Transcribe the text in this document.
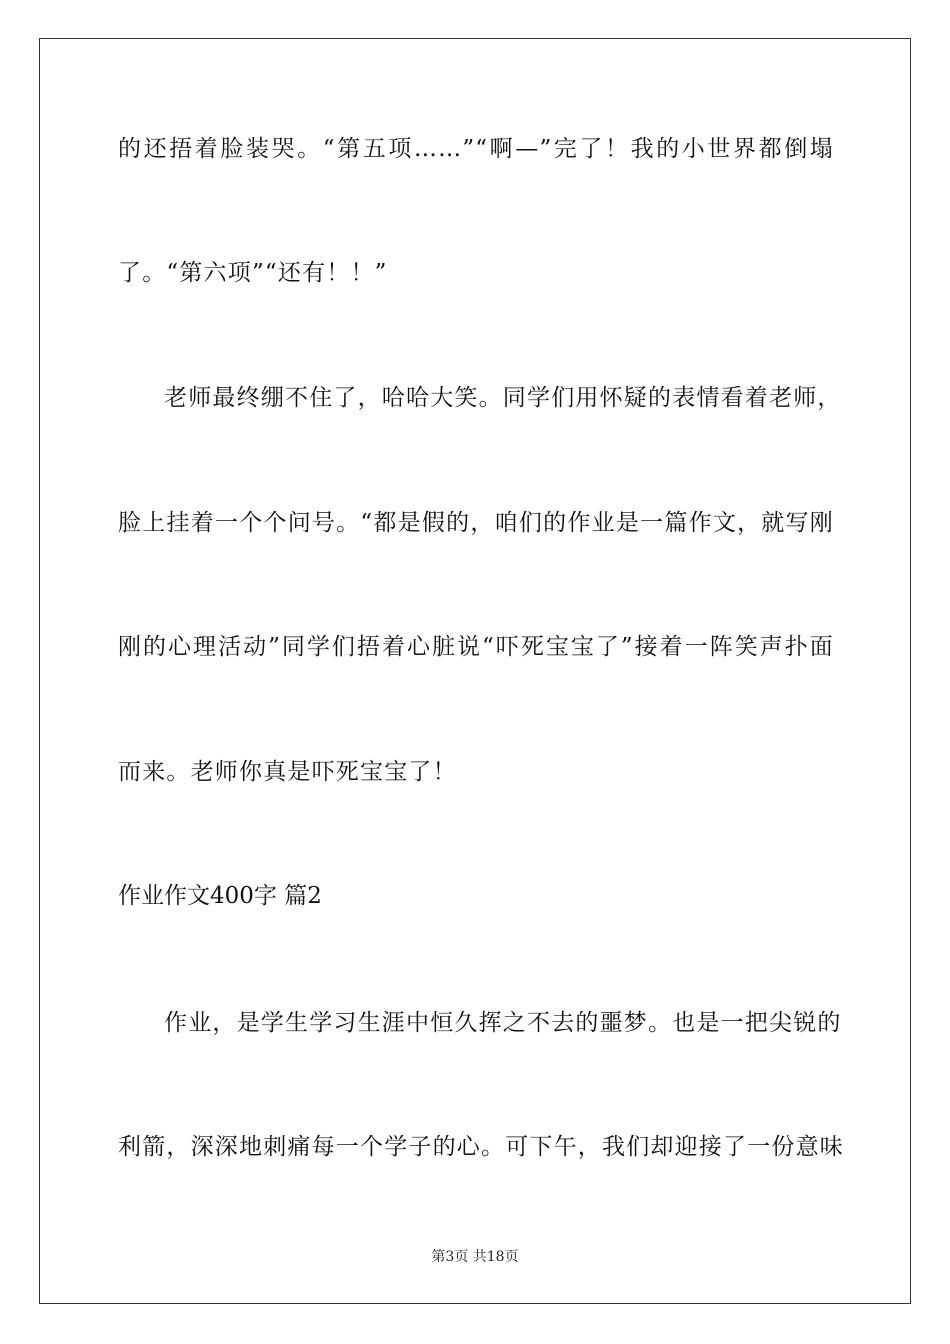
的还捂着脸装哭。“第五项……”“啊—”完了！我的小世界都倒塌
了。“第六项”“还有！！”
老师最终绷不住了，哈哈大笑。同学们用怀疑的表情看着老师，
脸上挂着一个个问号。“都是假的，咱们的作业是一篇作文，就写刚
刚的心理活动”同学们捂着心脏说“吓死宝宝了”接着一阵笑声扑面
而来。老师你真是吓死宝宝了！
作业作文400字 篇2
作业，是学生学习生涯中恒久挥之不去的噩梦。也是一把尖锐的
利箭，深深地刺痛每一个学子的心。可下午，我们却迎接了一份意味
第3页 共18页
